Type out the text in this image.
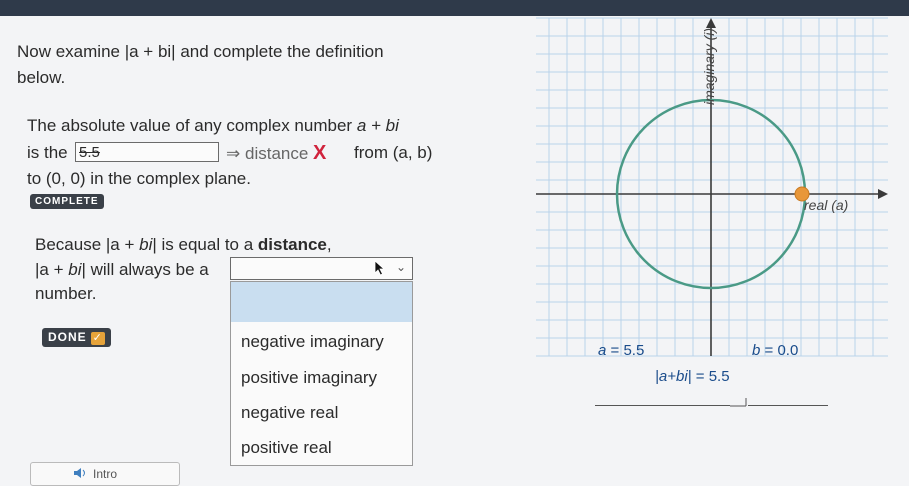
Now examine |a + bi| and complete the definition
below.
The absolute value of any complex number a + bi
is the 5.5	⇒ distance X from (a, b)
to (0, 0) in the complex plane.
COMPLETE
Because |a + bi| is equal to a distance,
|a + bi| will always be a
number.
⌄
negative imaginary
positive imaginary
negative real
positive real
DONE ✓
imaginary (i)
real (a)
a = 5.5	b = 0.0
|a+bi| = 5.5
Intro
